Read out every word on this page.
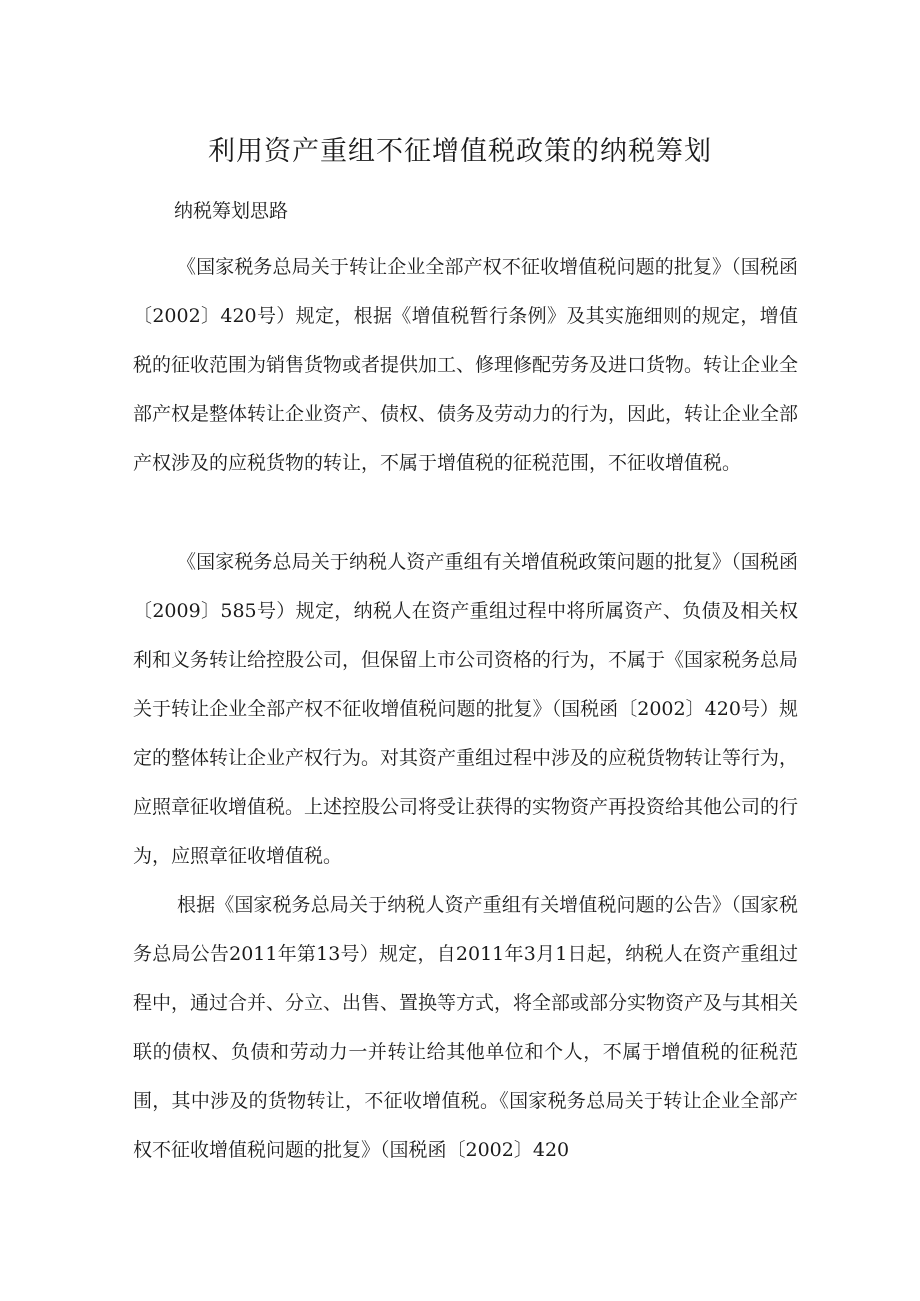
利用资产重组不征增值税政策的纳税筹划
纳税筹划思路

《国家税务总局关于转让企业全部产权不征收增值税问题的批复》（国税函〔2002〕420号）规定，根据《增值税暂行条例》及其实施细则的规定，增值税的征收范围为销售货物或者提供加工、修理修配劳务及进口货物。转让企业全部产权是整体转让企业资产、债权、债务及劳动力的行为，因此，转让企业全部产权涉及的应税货物的转让，不属于增值税的征税范围，不征收增值税。

《国家税务总局关于纳税人资产重组有关增值税政策问题的批复》（国税函〔2009〕585号）规定，纳税人在资产重组过程中将所属资产、负债及相关权利和义务转让给控股公司，但保留上市公司资格的行为，不属于《国家税务总局关于转让企业全部产权不征收增值税问题的批复》（国税函〔2002〕420号）规定的整体转让企业产权行为。对其资产重组过程中涉及的应税货物转让等行为，应照章征收增值税。上述控股公司将受让获得的实物资产再投资给其他公司的行为，应照章征收增值税。

根据《国家税务总局关于纳税人资产重组有关增值税问题的公告》（国家税务总局公告2011年第13号）规定，自2011年3月1日起，纳税人在资产重组过程中，通过合并、分立、出售、置换等方式，将全部或部分实物资产及与其相关联的债权、负债和劳动力一并转让给其他单位和个人，不属于增值税的征税范围，其中涉及的货物转让，不征收增值税。《国家税务总局关于转让企业全部产权不征收增值税问题的批复》（国税函〔2002〕420
